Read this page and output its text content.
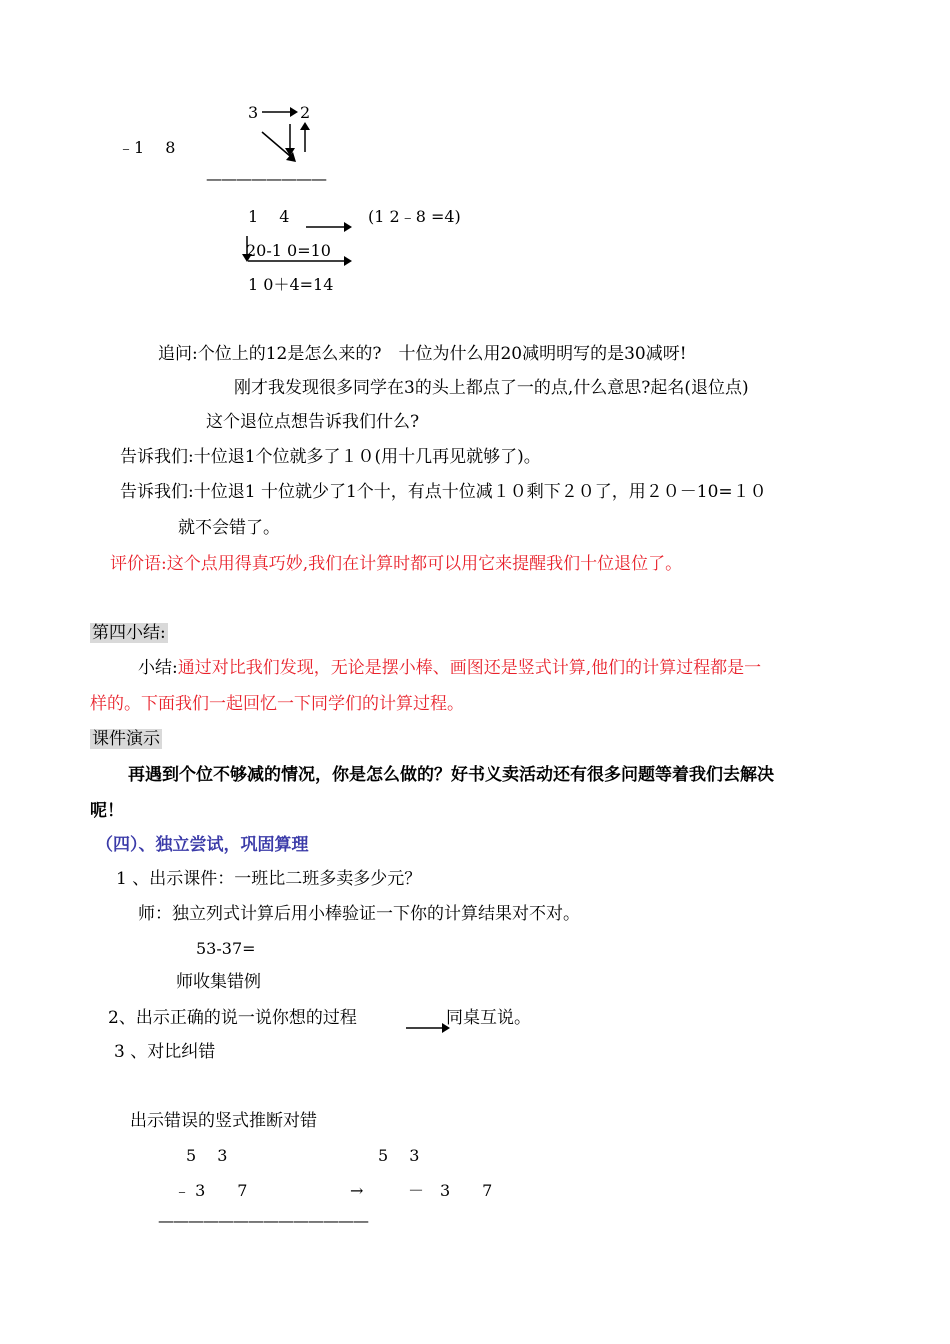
3	2
﹣1　 8
————————
1　 4	(1 2﹣8 =4)
20-1 0=10
1 0＋4=14
追问:个位上的12是怎么来的?　十位为什么用20减明明写的是30减呀!
刚才我发现很多同学在3的头上都点了一的点,什么意思?起名(退位点)
这个退位点想告诉我们什么?
告诉我们:十位退1个位就多了１０(用十几再见就够了)。
告诉我们:十位退1 十位就少了1个十，有点十位减１０剩下２０了，用２０－10=１０
就不会错了。
评价语:这个点用得真巧妙,我们在计算时都可以用它来提醒我们十位退位了。
第四小结:
小结:通过对比我们发现，无论是摆小棒、画图还是竖式计算,他们的计算过程都是一
样的。下面我们一起回忆一下同学们的计算过程。
课件演示
再遇到个位不够减的情况，你是怎么做的？好书义卖活动还有很多问题等着我们去解决
呢！
（四）、独立尝试，巩固算理
1 、出示课件：一班比二班多卖多少元？
师：独立列式计算后用小棒验证一下你的计算结果对不对。
53-37=
师收集错例
2、出示正确的说一说你想的过程	同桌互说。
3 、对比纠错
出示错误的竖式推断对错
5　 3
﹣ 3　　7	→
5　 3
－　3　　7
——————————————
